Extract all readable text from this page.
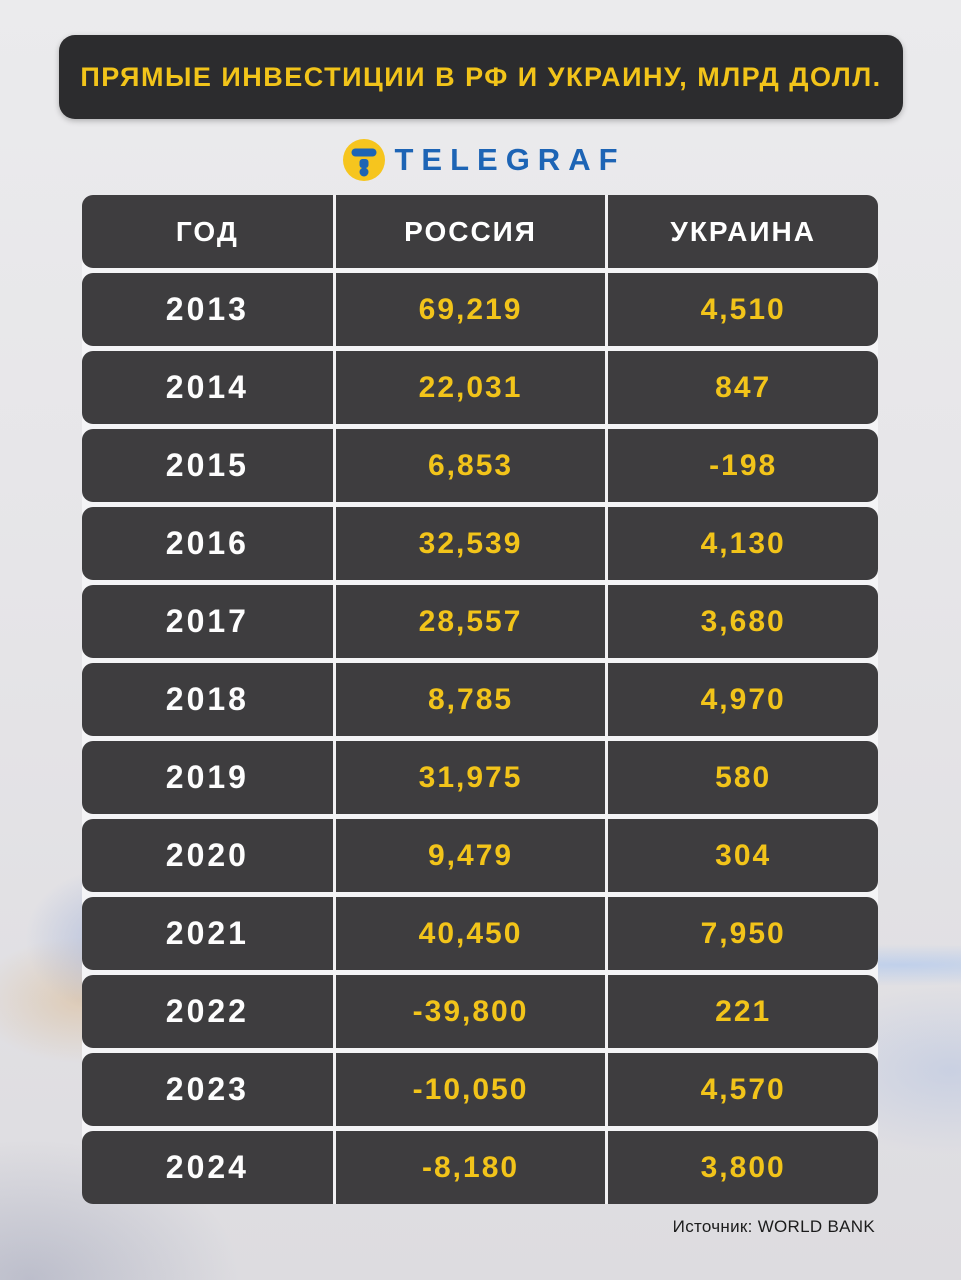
ПРЯМЫЕ ИНВЕСТИЦИИ В РФ И УКРАИНУ, МЛРД ДОЛЛ.
TELEGRAF
ГОД	РОССИЯ	УКРАИНА
2013	69,219	4,510
2014	22,031	847
2015	6,853	-198
2016	32,539	4,130
2017	28,557	3,680
2018	8,785	4,970
2019	31,975	580
2020	9,479	304
2021	40,450	7,950
2022	-39,800	221
2023	-10,050	4,570
2024	-8,180	3,800
Источник: WORLD BANK
